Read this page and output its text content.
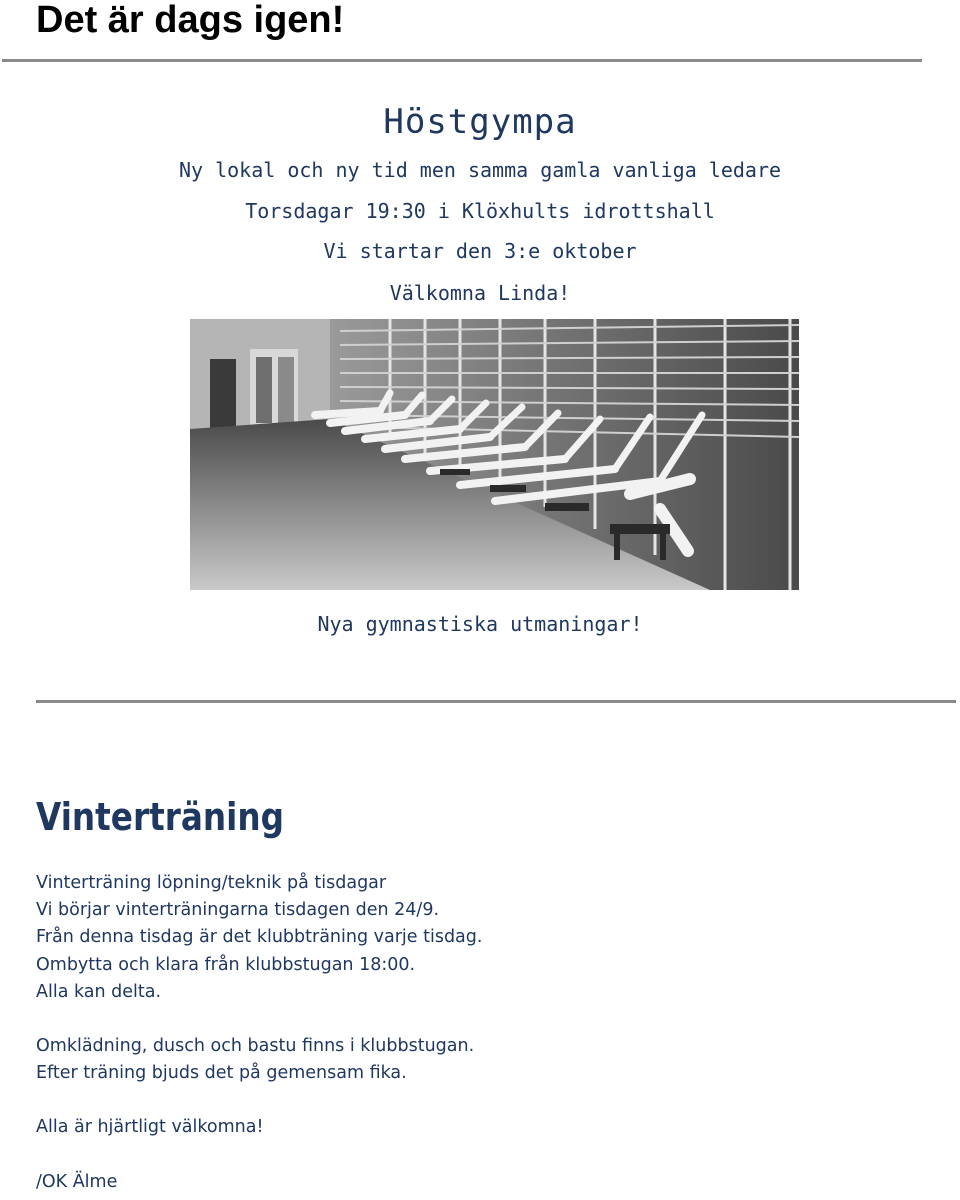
Det är dags igen!
Höstgympa
Ny lokal och ny tid men samma gamla vanliga ledare
Torsdagar 19:30 i Klöxhults idrottshall
Vi startar den 3:e oktober
Välkomna Linda!
Nya gymnastiska utmaningar!
Vinterträning

Vinterträning löpning/teknik på tisdagar

Vi börjar vinterträningarna tisdagen den 24/9.

Från denna tisdag är det klubbträning varje tisdag.

Ombytta och klara från klubbstugan 18:00.

Alla kan delta.

Omklädning, dusch och bastu finns i klubbstugan.

Efter träning bjuds det på gemensam fika.

Alla är hjärtligt välkomna!

/OK Älme
